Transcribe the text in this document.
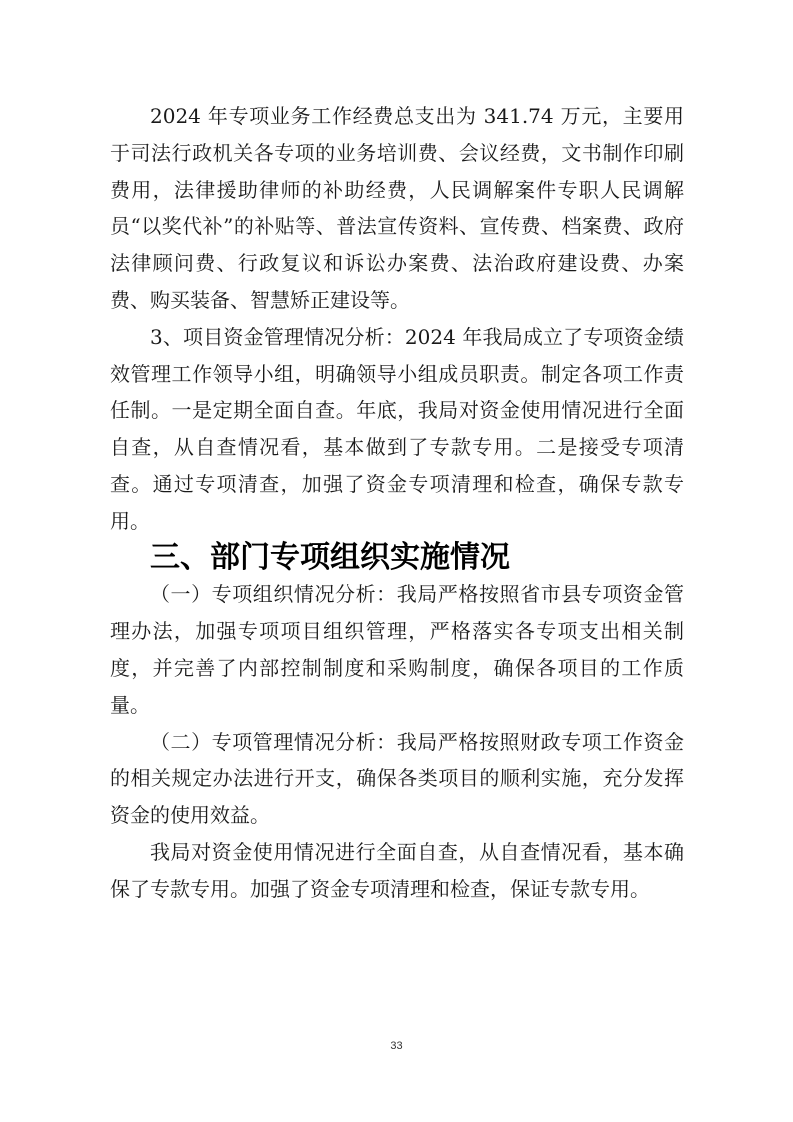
2024 年专项业务工作经费总支出为 341.74 万元，主要用于司法行政机关各专项的业务培训费、会议经费，文书制作印刷费用，法律援助律师的补助经费，人民调解案件专职人民调解员“以奖代补”的补贴等、普法宣传资料、宣传费、档案费、政府法律顾问费、行政复议和诉讼办案费、法治政府建设费、办案费、购买装备、智慧矫正建设等。

3、项目资金管理情况分析：2024 年我局成立了专项资金绩效管理工作领导小组，明确领导小组成员职责。制定各项工作责任制。一是定期全面自查。年底，我局对资金使用情况进行全面自查，从自查情况看，基本做到了专款专用。二是接受专项清查。通过专项清查，加强了资金专项清理和检查，确保专款专用。

三、部门专项组织实施情况

（一）专项组织情况分析：我局严格按照省市县专项资金管理办法，加强专项项目组织管理，严格落实各专项支出相关制度，并完善了内部控制制度和采购制度，确保各项目的工作质量。

（二）专项管理情况分析：我局严格按照财政专项工作资金的相关规定办法进行开支，确保各类项目的顺利实施，充分发挥资金的使用效益。

我局对资金使用情况进行全面自查，从自查情况看，基本确保了专款专用。加强了资金专项清理和检查，保证专款专用。

33
